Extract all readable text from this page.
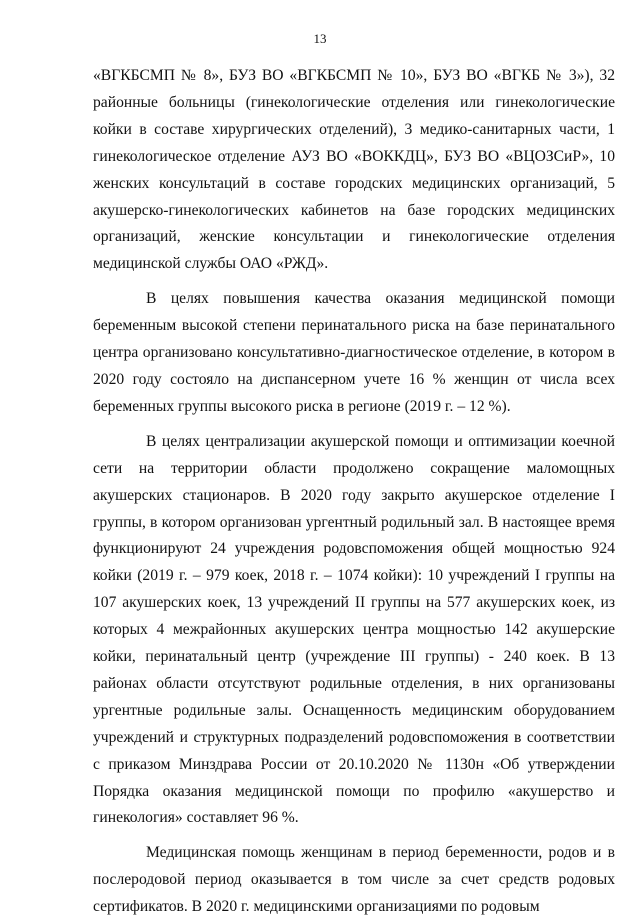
13

«ВГКБСМП № 8», БУЗ ВО «ВГКБСМП № 10», БУЗ ВО «ВГКБ № 3»), 32 районные больницы (гинекологические отделения или гинекологические койки в составе хирургических отделений), 3 медико-санитарных части, 1 гинекологическое отделение АУЗ ВО «ВОККДЦ», БУЗ ВО «ВЦОЗСиР», 10 женских консультаций в составе городских медицинских организаций, 5 акушерско-гинекологических кабинетов на базе городских медицинских организаций, женские консультации и гинекологические отделения медицинской службы ОАО «РЖД».

В целях повышения качества оказания медицинской помощи беременным высокой степени перинатального риска на базе перинатального центра организовано консультативно-диагностическое отделение, в котором в 2020 году состояло на диспансерном учете 16 % женщин от числа всех беременных группы высокого риска в регионе (2019 г. – 12 %).

В целях централизации акушерской помощи и оптимизации коечной сети на территории области продолжено сокращение маломощных акушерских стационаров. В 2020 году закрыто акушерское отделение I группы, в котором организован ургентный родильный зал. В настоящее время функционируют 24 учреждения родовспоможения общей мощностью 924 койки (2019 г. – 979 коек, 2018 г. – 1074 койки): 10 учреждений I группы на 107 акушерских коек, 13 учреждений II группы на 577 акушерских коек, из которых 4 межрайонных акушерских центра мощностью 142 акушерские койки, перинатальный центр (учреждение III группы) - 240 коек. В 13 районах области отсутствуют родильные отделения, в них организованы ургентные родильные залы. Оснащенность медицинским оборудованием учреждений и структурных подразделений родовспоможения в соответствии с приказом Минздрава России от 20.10.2020 № 1130н «Об утверждении Порядка оказания медицинской помощи по профилю «акушерство и гинекология» составляет 96 %.

Медицинская помощь женщинам в период беременности, родов и в послеродовой период оказывается в том числе за счет средств родовых сертификатов. В 2020 г. медицинскими организациями по родовым
